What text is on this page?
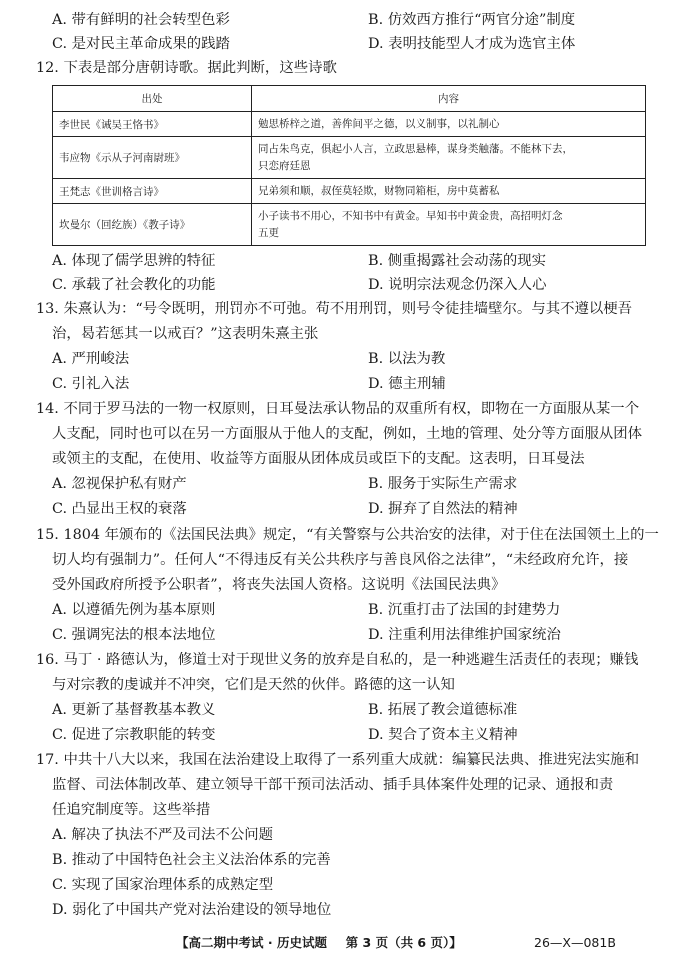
A. 带有鲜明的社会转型色彩	B. 仿效西方推行“两官分途”制度
C. 是对民主革命成果的践踏	D. 表明技能型人才成为选官主体
12. 下表是部分唐朝诗歌。据此判断，这些诗歌
出处	内容
李世民《诫吴王恪书》	勉思桥梓之道，善侔间平之德，以义制事，以礼制心
韦应物《示从子河南尉班》	同占朱鸟克，俱起小人言，立政思悬棒，谋身类触藩。不能林下去，
只恋府廷恩
王梵志《世训格言诗》	兄弟须和顺，叔侄莫轻欺，财物同箱柜，房中莫蓄私
坎曼尔（回纥族）《教子诗》	小子读书不用心，不知书中有黄金。早知书中黄金贵，高招明灯念
五更
A. 体现了儒学思辨的特征	B. 侧重揭露社会动荡的现实
C. 承载了社会教化的功能	D. 说明宗法观念仍深入人心
13. 朱熹认为：“号令既明，刑罚亦不可弛。苟不用刑罚，则号令徒挂墙壁尔。与其不遵以梗吾
治，曷若惩其一以戒百？”这表明朱熹主张
A. 严刑峻法	B. 以法为教
C. 引礼入法	D. 德主刑辅
14. 不同于罗马法的一物一权原则，日耳曼法承认物品的双重所有权，即物在一方面服从某一个
人支配，同时也可以在另一方面服从于他人的支配，例如，土地的管理、处分等方面服从团体
或领主的支配，在使用、收益等方面服从团体成员或臣下的支配。这表明，日耳曼法
A. 忽视保护私有财产	B. 服务于实际生产需求
C. 凸显出王权的衰落	D. 摒弃了自然法的精神
15. 1804 年颁布的《法国民法典》规定，“有关警察与公共治安的法律，对于住在法国领土上的一
切人均有强制力”。任何人“不得违反有关公共秩序与善良风俗之法律”，“未经政府允许，接
受外国政府所授予公职者”，将丧失法国人资格。这说明《法国民法典》
A. 以遵循先例为基本原则	B. 沉重打击了法国的封建势力
C. 强调宪法的根本法地位	D. 注重利用法律维护国家统治
16. 马丁 · 路德认为，修道士对于现世义务的放弃是自私的，是一种逃避生活责任的表现；赚钱
与对宗教的虔诚并不冲突，它们是天然的伙伴。路德的这一认知
A. 更新了基督教基本教义	B. 拓展了教会道德标准
C. 促进了宗教职能的转变	D. 契合了资本主义精神
17. 中共十八大以来，我国在法治建设上取得了一系列重大成就：编纂民法典、推进宪法实施和
监督、司法体制改革、建立领导干部干预司法活动、插手具体案件处理的记录、通报和责
任追究制度等。这些举措
A. 解决了执法不严及司法不公问题
B. 推动了中国特色社会主义法治体系的完善
C. 实现了国家治理体系的成熟定型
D. 弱化了中国共产党对法治建设的领导地位
【高二期中考试 · 历史试题 第 3 页（共 6 页）】	26—X—081B
